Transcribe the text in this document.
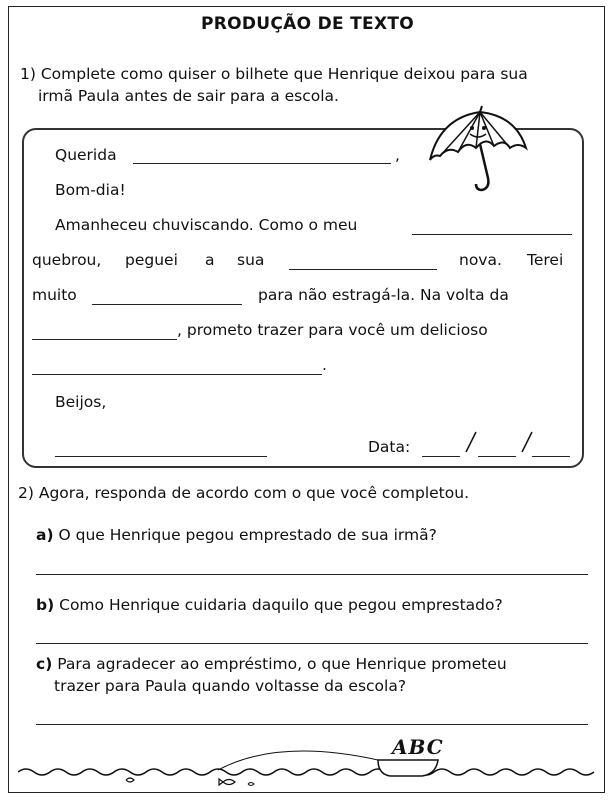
PRODUÇÃO DE TEXTO
1) Complete como quiser o bilhete que Henrique deixou para sua
irmã Paula antes de sair para a escola.
Querida	,
Bom-dia!
Amanheceu chuviscando. Como o meu
quebrou, peguei a sua	nova. Terei
muito	para não estragá-la. Na volta da
, prometo trazer para você um delicioso
.
Beijos,
Data:
2) Agora, responda de acordo com o que você completou.
a) O que Henrique pegou emprestado de sua irmã?
b) Como Henrique cuidaria daquilo que pegou emprestado?
c) Para agradecer ao empréstimo, o que Henrique prometeu
trazer para Paula quando voltasse da escola?
ABC
